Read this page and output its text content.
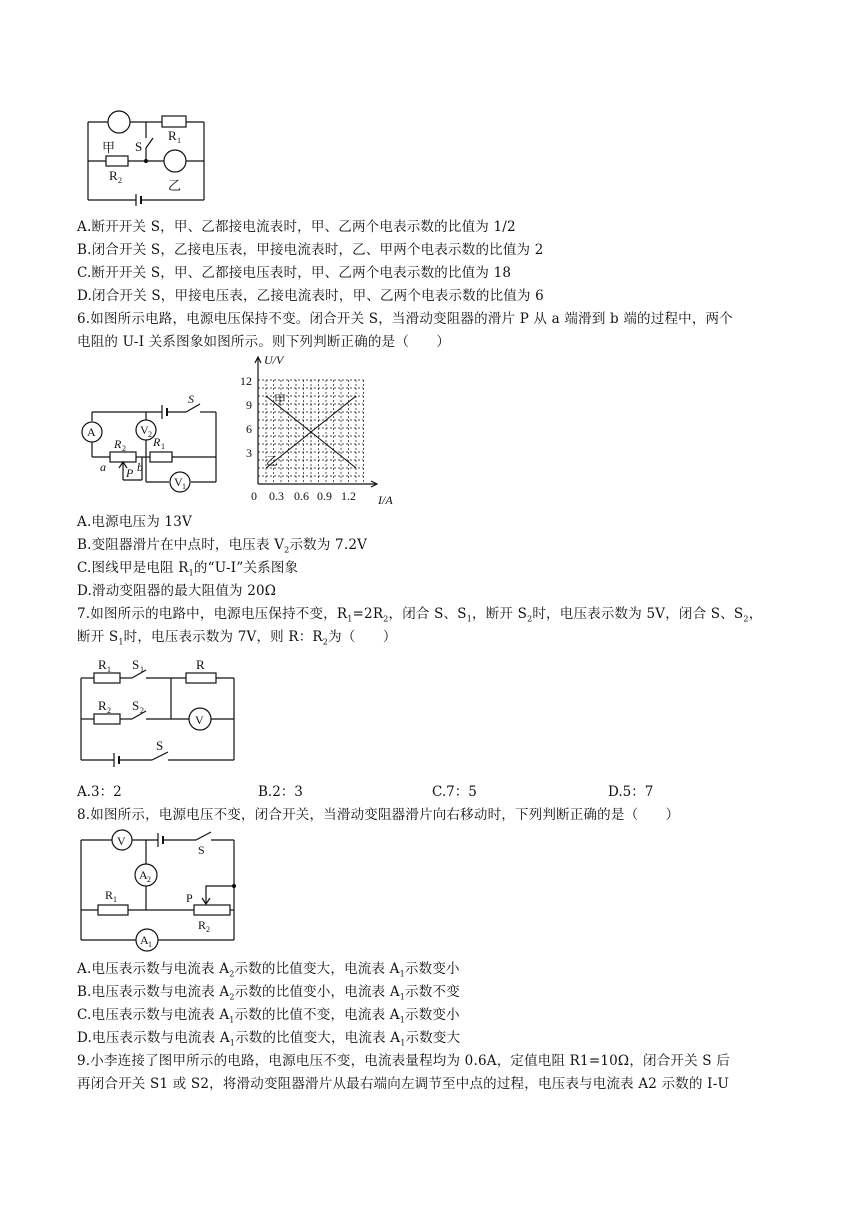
R 1
甲 S
R 2	乙
A.断开开关 S，甲、乙都接电流表时，甲、乙两个电表示数的比值为 1/2
B.闭合开关 S，乙接电压表，甲接电流表时，乙、甲两个电表示数的比值为 2
C.断开开关 S，甲、乙都接电压表时，甲、乙两个电表示数的比值为 18
D.闭合开关 S，甲接电压表，乙接电流表时，甲、乙两个电表示数的比值为 6
6.如图所示电路，电源电压保持不变。闭合开关 S，当滑动变阻器的滑片 P 从 a 端滑到 b 端的过程中，两个
电阻的 U-I 关系图象如图所示。则下列判断正确的是（　　）
A	V 2
S
R 2 R 1
a	b
P
V 1
U/V
I/A
12
9
6
3
0 0.3 0.6 0.9 1.2
甲
乙
A.电源电压为 13V
B.变阻器滑片在中点时，电压表 $V_2$示数为 7.2V
C.图线甲是电阻 $R_1$的“U-I”关系图象
D.滑动变阻器的最大阻值为 20Ω
7.如图所示的电路中，电源电压保持不变，$R_1=2R_2$，闭合 S、$S_1$，断开 $S_2$时，电压表示数为 5V，闭合 S、$S_2$，
断开 $S_1$时，电压表示数为 7V，则 R：$R_2$为（　　）
R 1 S 1	R
R 2 S 2
V
S
A.3：2	B.2：3	C.7：5	D.5：7
8.如图所示，电源电压不变，闭合开关，当滑动变阻器滑片向右移动时，下列判断正确的是（　　）
V
S
A 2
R 1	P
R 2
A 1
A.电压表示数与电流表 $A_2$示数的比值变大，电流表 $A_1$示数变小
B.电压表示数与电流表 $A_2$示数的比值变小，电流表 $A_1$示数不变
C.电压表示数与电流表 $A_1$示数的比值不变，电流表 $A_1$示数变小
D.电压表示数与电流表 $A_1$示数的比值变大，电流表 $A_1$示数变大
9.小李连接了图甲所示的电路，电源电压不变，电流表量程均为 0.6A，定值电阻 R1=10Ω，闭合开关 S 后
再闭合开关 S1 或 S2，将滑动变阻器滑片从最右端向左调节至中点的过程，电压表与电流表 A2 示数的 I-U
